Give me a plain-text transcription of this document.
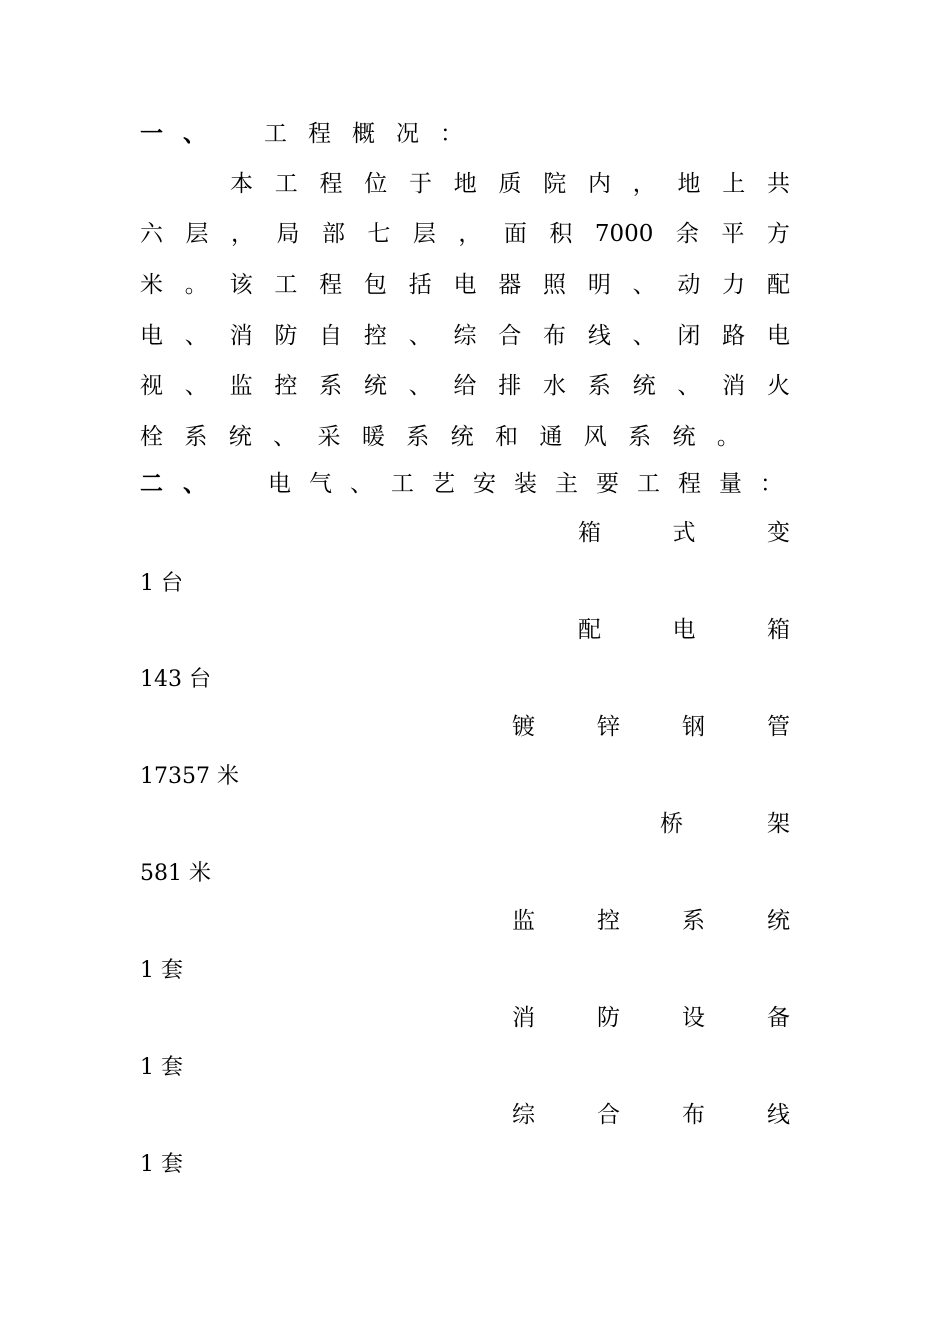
一、 工 程 概 况 ：
本 工 程 位 于 地 质 院 内 ， 地 上 共
六 层 ， 局 部 七 层 ， 面 积 7000 余 平 方
米 。 该 工 程 包 括 电 器 照 明 、 动 力 配
电 、 消 防 自 控 、 综 合 布 线 、 闭 路 电
视 、 监 控 系 统 、 给 排 水 系 统 、 消 火
栓 系 统 、 采 暖 系 统 和 通 风 系 统 。
二、 电 气 、 工 艺 安 装 主 要 工 程 量 ：
箱	式	变
1 台
配	电	箱
143 台
镀	锌	钢	管
17357 米
桥	架
581 米
监	控	系	统
1 套
消	防	设	备
1 套
综	合	布	线
1 套
